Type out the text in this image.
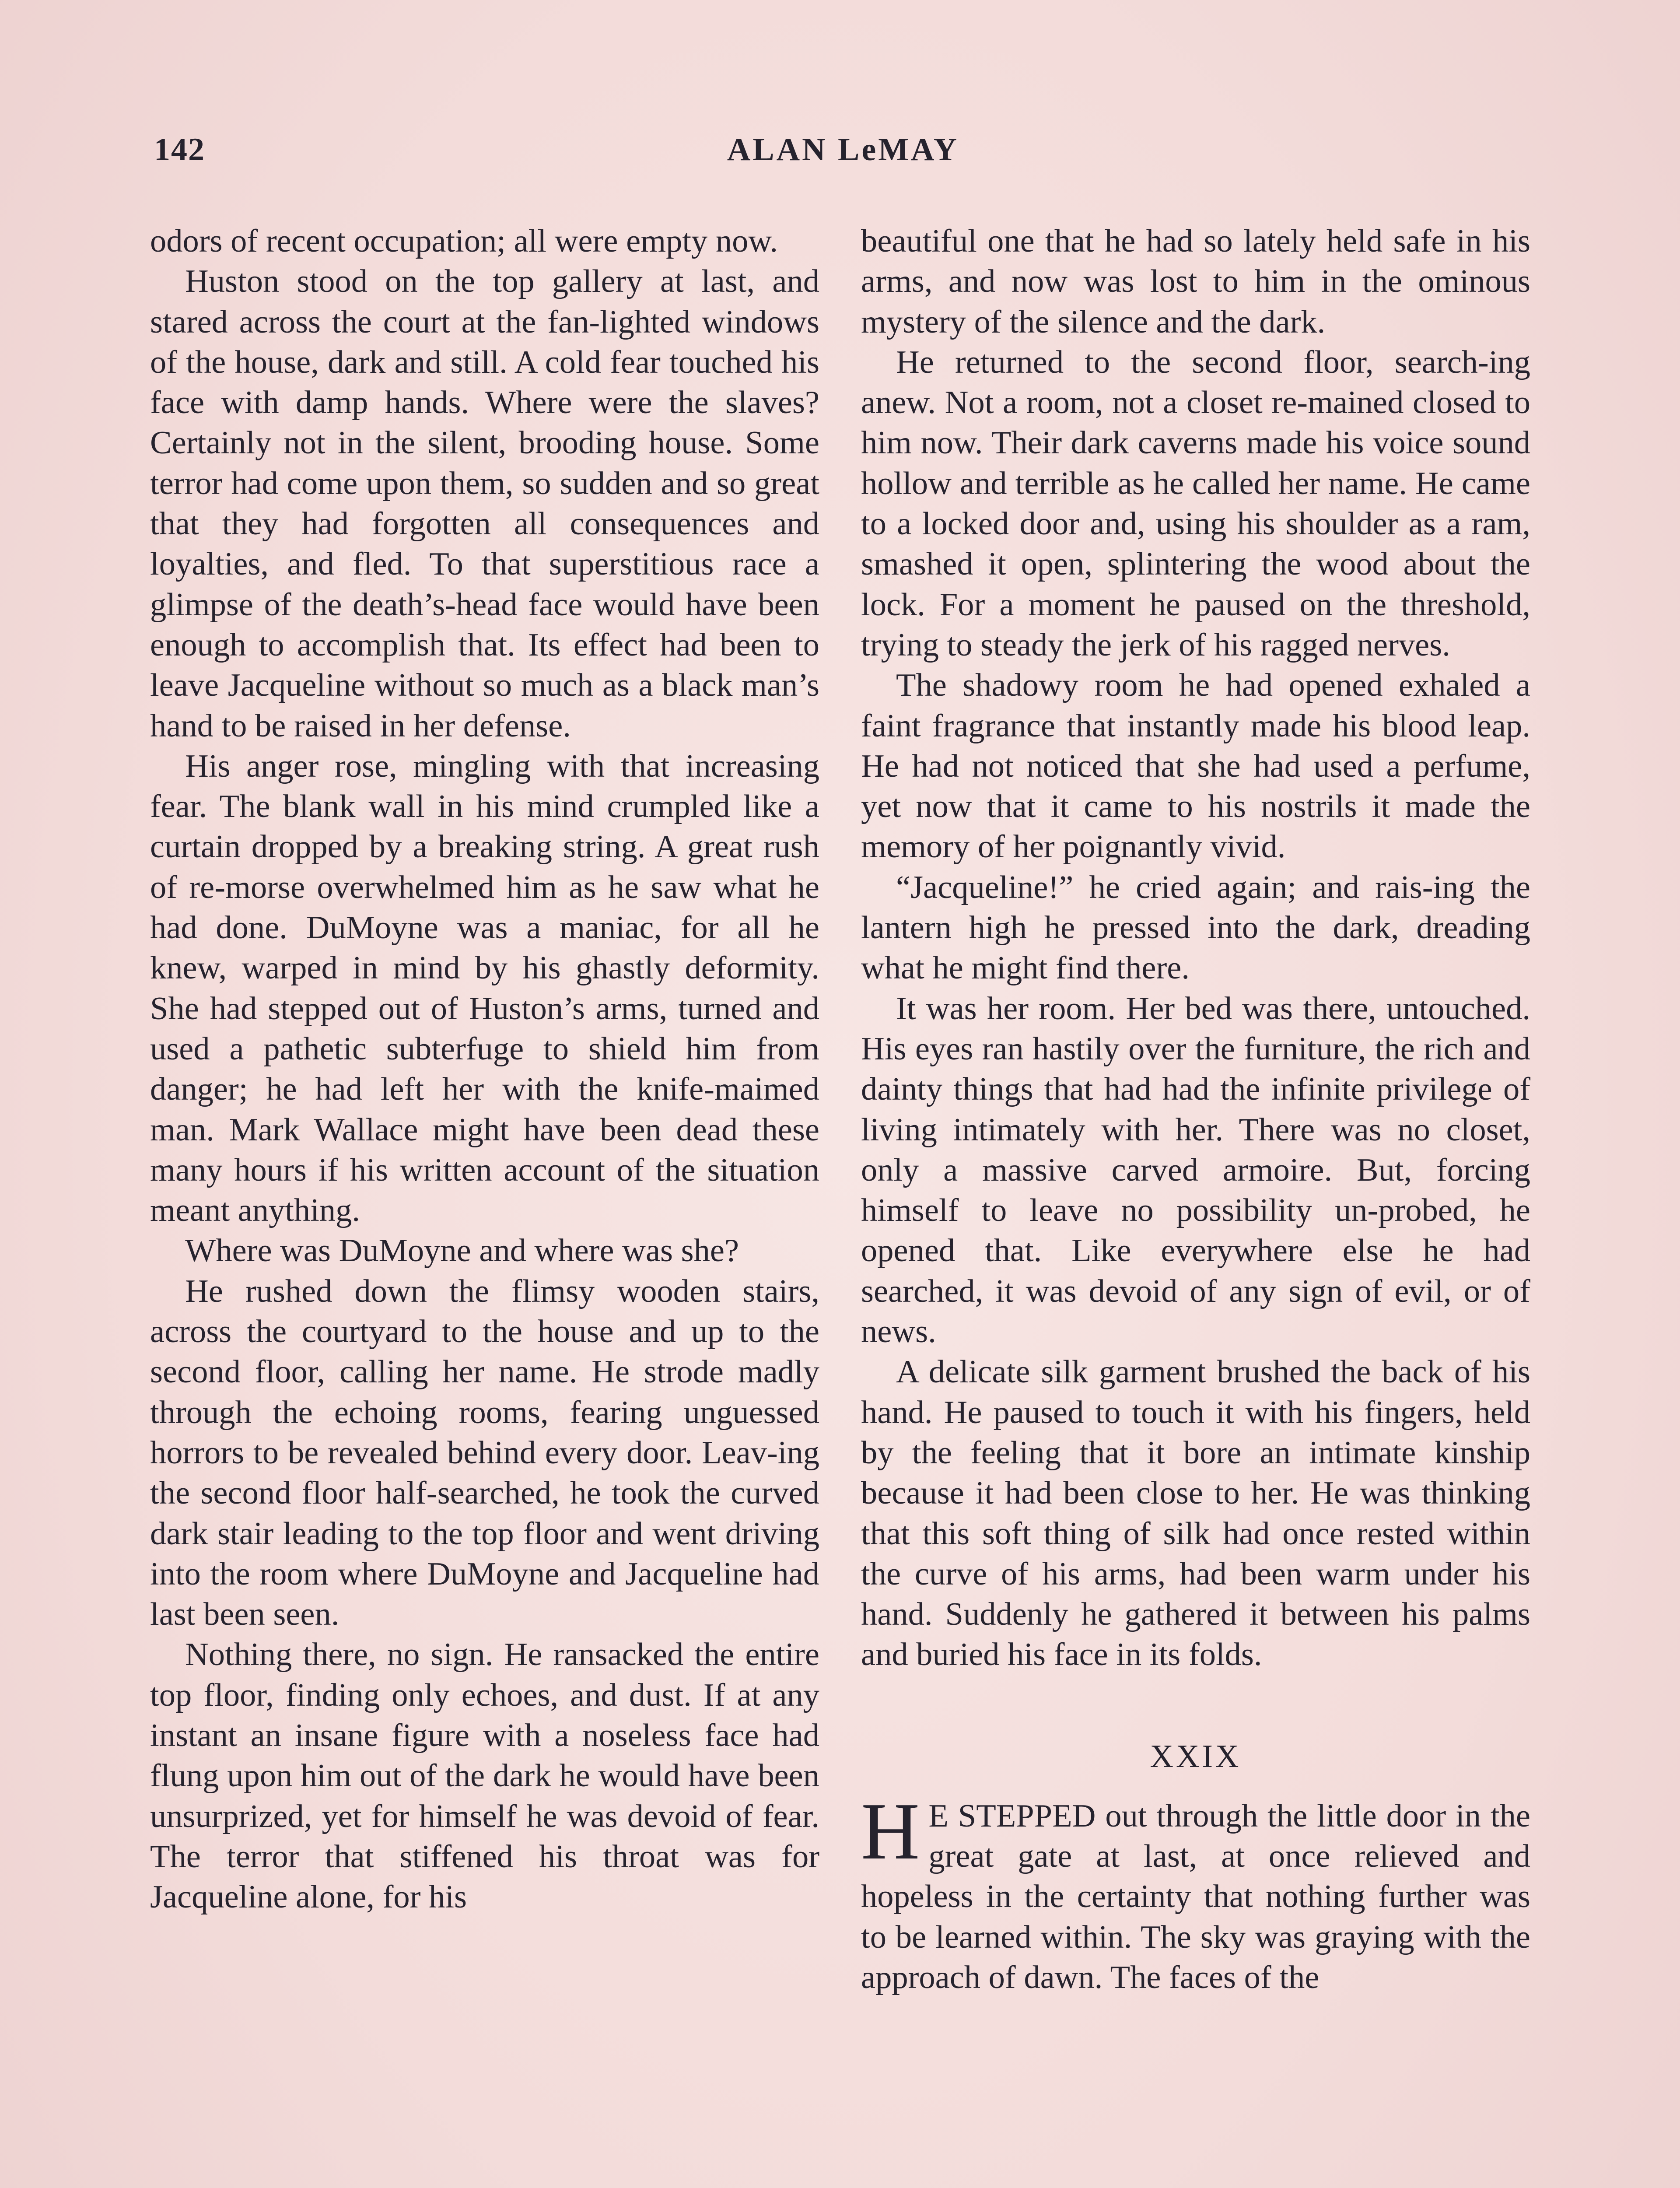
142	ALAN LeMAY

odors of recent occupation; all were empty now.

Huston stood on the top gallery at last, and stared across the court at the fan-lighted windows of the house, dark and still. A cold fear touched his face with damp hands. Where were the slaves? Certainly not in the silent, brooding house. Some terror had come upon them, so sudden and so great that they had forgotten all consequences and loyalties, and fled. To that superstitious race a glimpse of the death’s-head face would have been enough to accomplish that. Its effect had been to leave Jacqueline without so much as a black man’s hand to be raised in her defense.

His anger rose, mingling with that increasing fear. The blank wall in his mind crumpled like a curtain dropped by a breaking string. A great rush of re-morse overwhelmed him as he saw what he had done. DuMoyne was a maniac, for all he knew, warped in mind by his ghastly deformity. She had stepped out of Huston’s arms, turned and used a pathetic subterfuge to shield him from danger; he had left her with the knife-maimed man. Mark Wallace might have been dead these many hours if his written account of the situation meant anything.

Where was DuMoyne and where was she?

He rushed down the flimsy wooden stairs, across the courtyard to the house and up to the second floor, calling her name. He strode madly through the echoing rooms, fearing unguessed horrors to be revealed behind every door. Leav-ing the second floor half-searched, he took the curved dark stair leading to the top floor and went driving into the room where DuMoyne and Jacqueline had last been seen.

Nothing there, no sign. He ransacked the entire top floor, finding only echoes, and dust. If at any instant an insane figure with a noseless face had flung upon him out of the dark he would have been unsurprized, yet for himself he was devoid of fear. The terror that stiffened his throat was for Jacqueline alone, for his

beautiful one that he had so lately held safe in his arms, and now was lost to him in the ominous mystery of the silence and the dark.

He returned to the second floor, search-ing anew. Not a room, not a closet re-mained closed to him now. Their dark caverns made his voice sound hollow and terrible as he called her name. He came to a locked door and, using his shoulder as a ram, smashed it open, splintering the wood about the lock. For a moment he paused on the threshold, trying to steady the jerk of his ragged nerves.

The shadowy room he had opened exhaled a faint fragrance that instantly made his blood leap. He had not noticed that she had used a perfume, yet now that it came to his nostrils it made the memory of her poignantly vivid.

“Jacqueline!” he cried again; and rais-ing the lantern high he pressed into the dark, dreading what he might find there.

It was her room. Her bed was there, untouched. His eyes ran hastily over the furniture, the rich and dainty things that had had the infinite privilege of living intimately with her. There was no closet, only a massive carved armoire. But, forcing himself to leave no possibility un-probed, he opened that. Like everywhere else he had searched, it was devoid of any sign of evil, or of news.

A delicate silk garment brushed the back of his hand. He paused to touch it with his fingers, held by the feeling that it bore an intimate kinship because it had been close to her. He was thinking that this soft thing of silk had once rested within the curve of his arms, had been warm under his hand. Suddenly he gathered it between his palms and buried his face in its folds.

XXIX

H E STEPPED out through the little door in the great gate at last, at once relieved and hopeless in the certainty that nothing further was to be learned within. The sky was graying with the approach of dawn. The faces of the
